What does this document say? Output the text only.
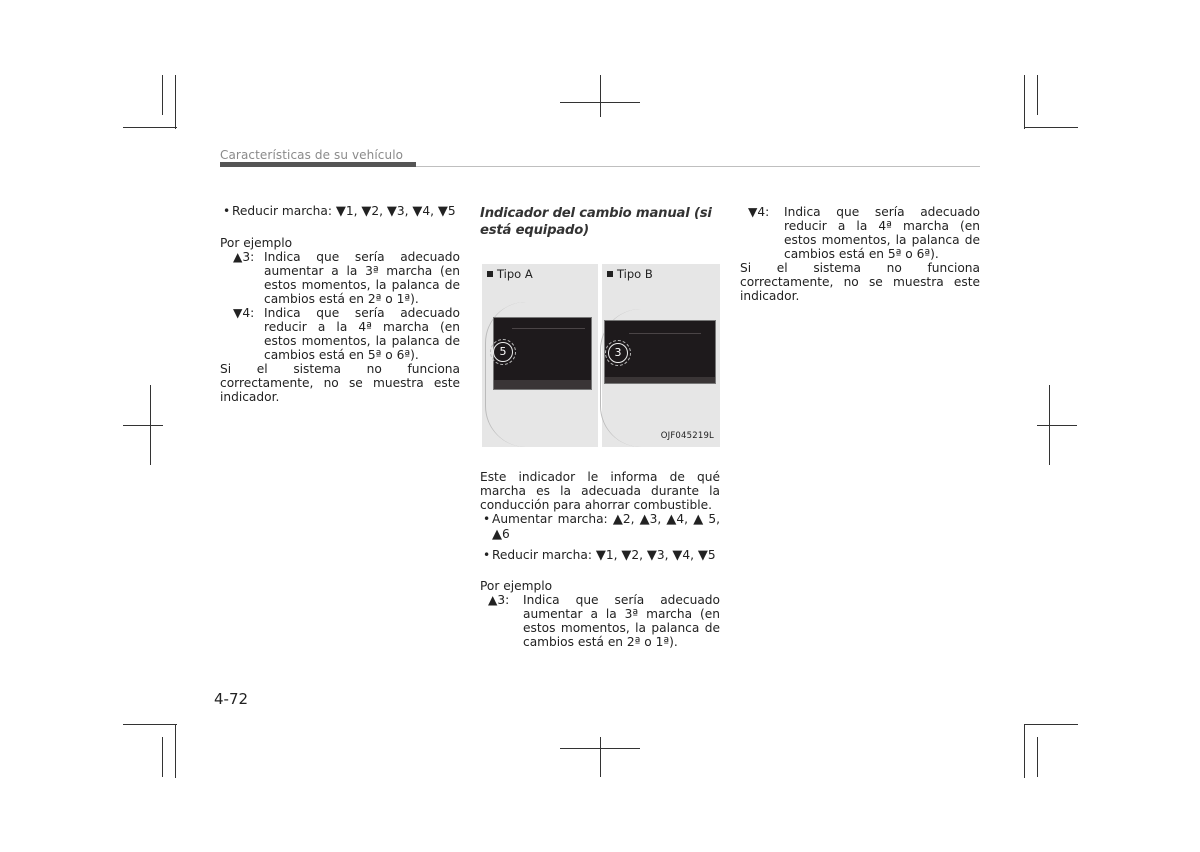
Características de su vehículo

• Reducir marcha: ▼1, ▼2, ▼3, ▼4, ▼5

Por ejemplo

▲3: Indica que sería adecuado aumentar a la 3ª marcha (en estos momentos, la palanca de cambios está en 2ª o 1ª).
▼4: Indica que sería adecuado reducir a la 4ª marcha (en estos momentos, la palanca de cambios está en 5ª o 6ª).

Si el sistema no funciona correctamente, no se muestra este indicador.

Indicador del cambio manual (si está equipado)

Tipo A
5
Tipo B
3
OJF045219L

Este indicador le informa de qué marcha es la adecuada durante la conducción para ahorrar combustible.

• Aumentar marcha: ▲2, ▲3, ▲4, ▲ 5, ▲6

• Reducir marcha: ▼1, ▼2, ▼3, ▼4, ▼5

Por ejemplo

▲3:	Indica que sería adecuado aumentar a la 3ª marcha (en estos momentos, la palanca de cambios está en 2ª o 1ª).
▼4:	Indica que sería adecuado reducir a la 4ª marcha (en estos momentos, la palanca de cambios está en 5ª o 6ª).

Si el sistema no funciona correctamente, no se muestra este indicador.

4-72
